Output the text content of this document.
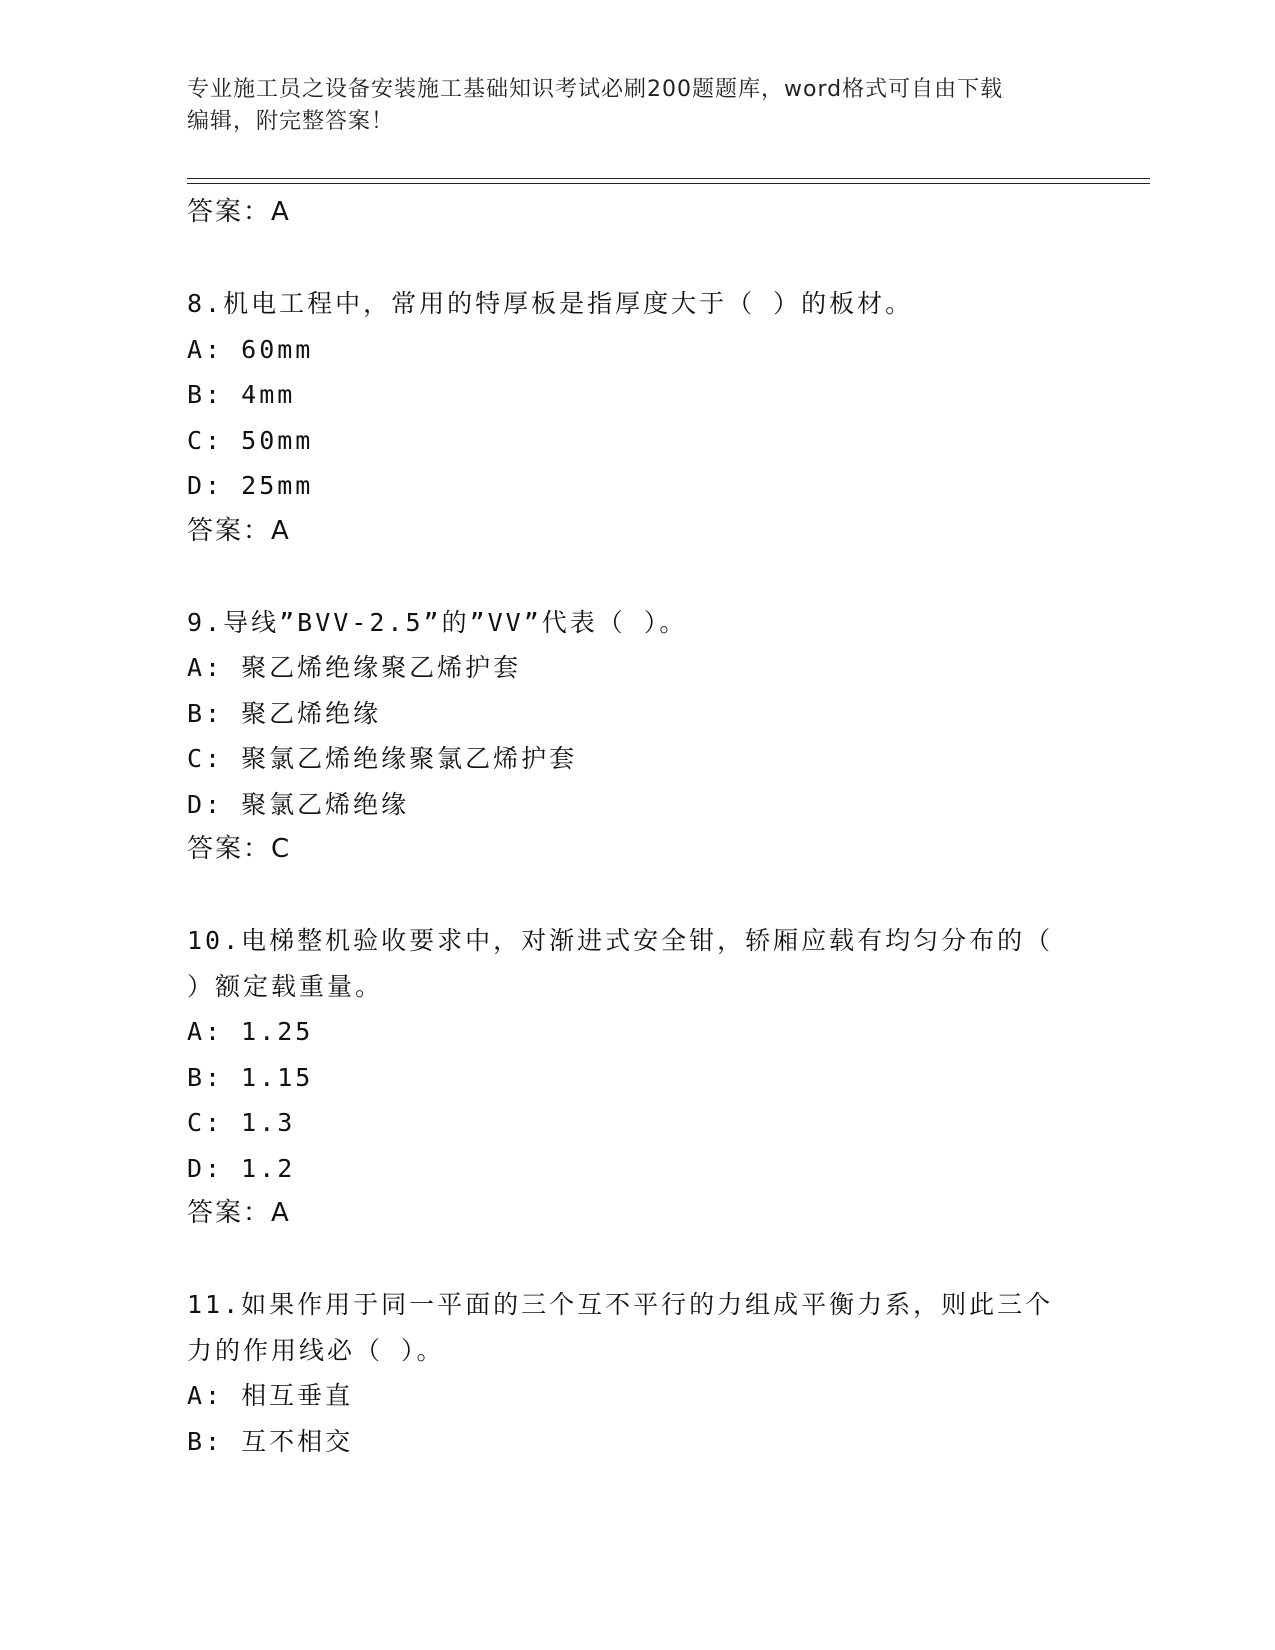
专业施工员之设备安装施工基础知识考试必刷200题题库，word格式可自由下载
编辑，附完整答案！
答案：A
8.机电工程中，常用的特厚板是指厚度大于（ ）的板材。
A: 60mm
B: 4mm
C: 50mm
D: 25mm
答案：A
9.导线”BVV-2.5”的”VV”代表（ ）。
A: 聚乙烯绝缘聚乙烯护套
B: 聚乙烯绝缘
C: 聚氯乙烯绝缘聚氯乙烯护套
D: 聚氯乙烯绝缘
答案：C
10.电梯整机验收要求中，对渐进式安全钳，轿厢应载有均匀分布的（
）额定载重量。
A: 1.25
B: 1.15
C: 1.3
D: 1.2
答案：A
11.如果作用于同一平面的三个互不平行的力组成平衡力系，则此三个
力的作用线必（ ）。
A: 相互垂直
B: 互不相交
